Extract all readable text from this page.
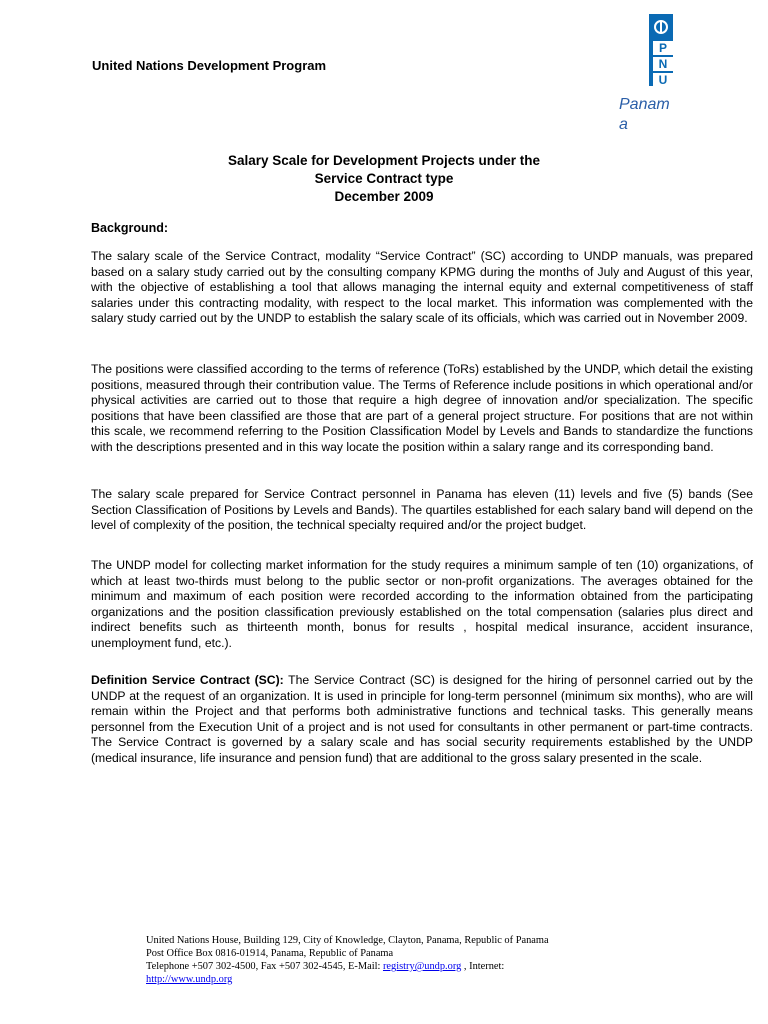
United Nations Development Program
P
N
U
Panama
Salary Scale for Development Projects under the
Service Contract type
December 2009
Background:
The salary scale of the Service Contract, modality “Service Contract” (SC) according to UNDP manuals, was prepared based on a salary study carried out by the consulting company KPMG during the months of July and August of this year, with the objective of establishing a tool that allows managing the internal equity and external competitiveness of staff salaries under this contracting modality, with respect to the local market. This information was complemented with the salary study carried out by the UNDP to establish the salary scale of its officials, which was carried out in November 2009.
The positions were classified according to the terms of reference (ToRs) established by the UNDP, which detail the existing positions, measured through their contribution value. The Terms of Reference include positions in which operational and/or physical activities are carried out to those that require a high degree of innovation and/or specialization. The specific positions that have been classified are those that are part of a general project structure. For positions that are not within this scale, we recommend referring to the Position Classification Model by Levels and Bands to standardize the functions with the descriptions presented and in this way locate the position within a salary range and its corresponding band.
The salary scale prepared for Service Contract personnel in Panama has eleven (11) levels and five (5) bands (See Section Classification of Positions by Levels and Bands). The quartiles established for each salary band will depend on the level of complexity of the position, the technical specialty required and/or the project budget.
The UNDP model for collecting market information for the study requires a minimum sample of ten (10) organizations, of which at least two-thirds must belong to the public sector or non-profit organizations. The averages obtained for the minimum and maximum of each position were recorded according to the information obtained from the participating organizations and the position classification previously established on the total compensation (salaries plus direct and indirect benefits such as thirteenth month, bonus for results , hospital medical insurance, accident insurance, unemployment fund, etc.).
Definition Service Contract (SC): The Service Contract (SC) is designed for the hiring of personnel carried out by the UNDP at the request of an organization. It is used in principle for long-term personnel (minimum six months), who are will remain within the Project and that performs both administrative functions and technical tasks. This generally means personnel from the Execution Unit of a project and is not used for consultants in other permanent or part-time contracts. The Service Contract is governed by a salary scale and has social security requirements established by the UNDP (medical insurance, life insurance and pension fund) that are additional to the gross salary presented in the scale.
United Nations House, Building 129, City of Knowledge, Clayton, Panama, Republic of Panama
Post Office Box 0816-01914, Panama, Republic of Panama
Telephone +507 302-4500, Fax +507 302-4545, E-Mail: registry@undp.org , Internet:
http://www.undp.org
